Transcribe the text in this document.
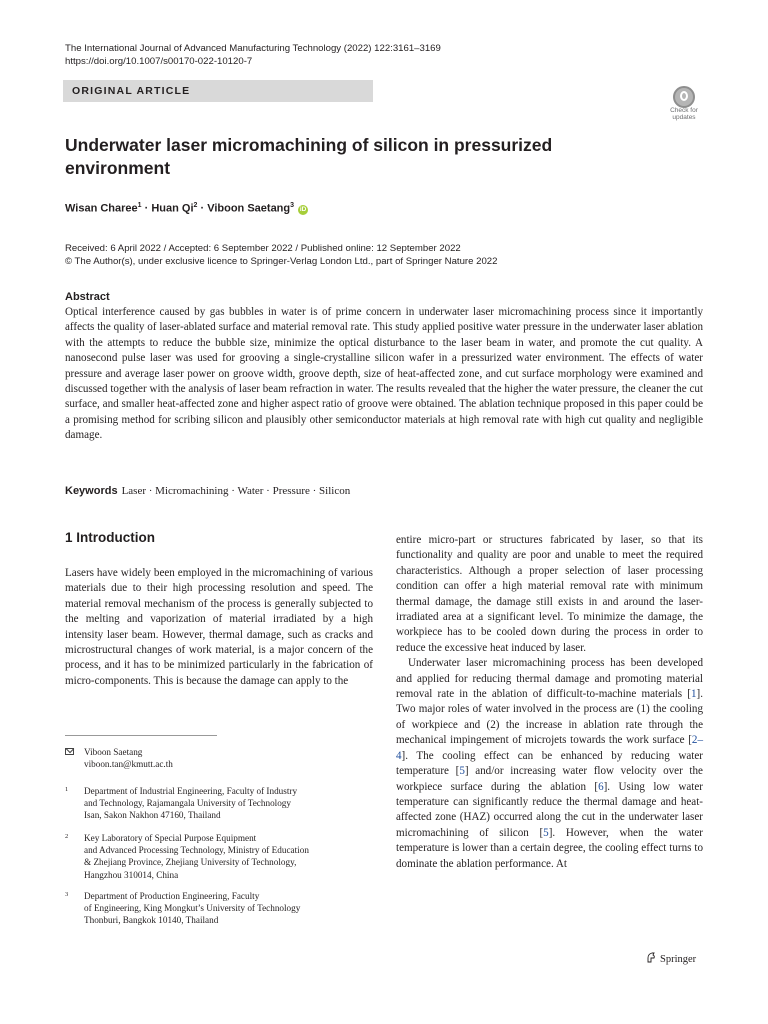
The International Journal of Advanced Manufacturing Technology (2022) 122:3161–3169
https://doi.org/10.1007/s00170-022-10120-7
ORIGINAL ARTICLE
Check for
updates
Underwater laser micromachining of silicon in pressurized environment
Wisan Charee$^1$ · Huan $Qi^2$ · Viboon Saetang$^3$ iD
Received: 6 April 2022 / Accepted: 6 September 2022 / Published online: 12 September 2022
© The Author(s), under exclusive licence to Springer-Verlag London Ltd., part of Springer Nature 2022
Abstract
Optical interference caused by gas bubbles in water is of prime concern in underwater laser micromachining process since it importantly affects the quality of laser-ablated surface and material removal rate. This study applied positive water pressure in the underwater laser ablation with the attempts to reduce the bubble size, minimize the optical disturbance to the laser beam in water, and promote the cut quality. A nanosecond pulse laser was used for grooving a single-crystalline silicon wafer in a pressurized water environment. The effects of water pressure and average laser power on groove width, groove depth, size of heat-affected zone, and cut surface morphology were examined and discussed together with the analysis of laser beam refraction in water. The results revealed that the higher the water pressure, the cleaner the cut surface, and smaller heat-affected zone and higher aspect ratio of groove were obtained. The ablation technique proposed in this paper could be a promising method for scribing silicon and plausibly other semiconductor materials at high removal rate with high cut quality and negligible damage.
Keywords Laser · Micromachining · Water · Pressure · Silicon
1 Introduction

Lasers have widely been employed in the micromachining of various materials due to their high processing resolution and speed. The material removal mechanism of the process is generally subjected to the melting and vaporization of material irradiated by a high intensity laser beam. However, thermal damage, such as cracks and microstructural changes of work material, is a major concern of the process, and it has to be minimized particularly in the fabrication of micro-components. This is because the damage can apply to the

entire micro-part or structures fabricated by laser, so that its functionality and quality are poor and unable to meet the required characteristics. Although a proper selection of laser processing condition can offer a high material removal rate with minimum thermal damage, the damage still exists in and around the laser-irradiated area at a significant level. To minimize the damage, the workpiece has to be cooled down during the process in order to reduce the excessive heat induced by laser.

Underwater laser micromachining process has been developed and applied for reducing thermal damage and promoting material removal rate in the ablation of difficult-to-machine materials [1]. Two major roles of water involved in the process are (1) the cooling of workpiece and (2) the increase in ablation rate through the mechanical impingement of microjets towards the work surface [2–4]. The cooling effect can be enhanced by reducing water temperature [5] and/or increasing water flow velocity over the workpiece surface during the ablation [6]. Using low water temperature can significantly reduce the thermal damage and heat-affected zone (HAZ) occurred along the cut in the underwater laser micromachining of silicon [5]. However, when the water temperature is lower than a certain degree, the cooling effect turns to dominate the ablation performance. At

Viboon Saetang
viboon.tan@kmutt.ac.th
1 Department of Industrial Engineering, Faculty of Industry
and Technology, Rajamangala University of Technology
Isan, Sakon Nakhon 47160, Thailand
2 Key Laboratory of Special Purpose Equipment
and Advanced Processing Technology, Ministry of Education
& Zhejiang Province, Zhejiang University of Technology,
Hangzhou 310014, China
3 Department of Production Engineering, Faculty
of Engineering, King Mongkut’s University of Technology
Thonburi, Bangkok 10140, Thailand
Springer
